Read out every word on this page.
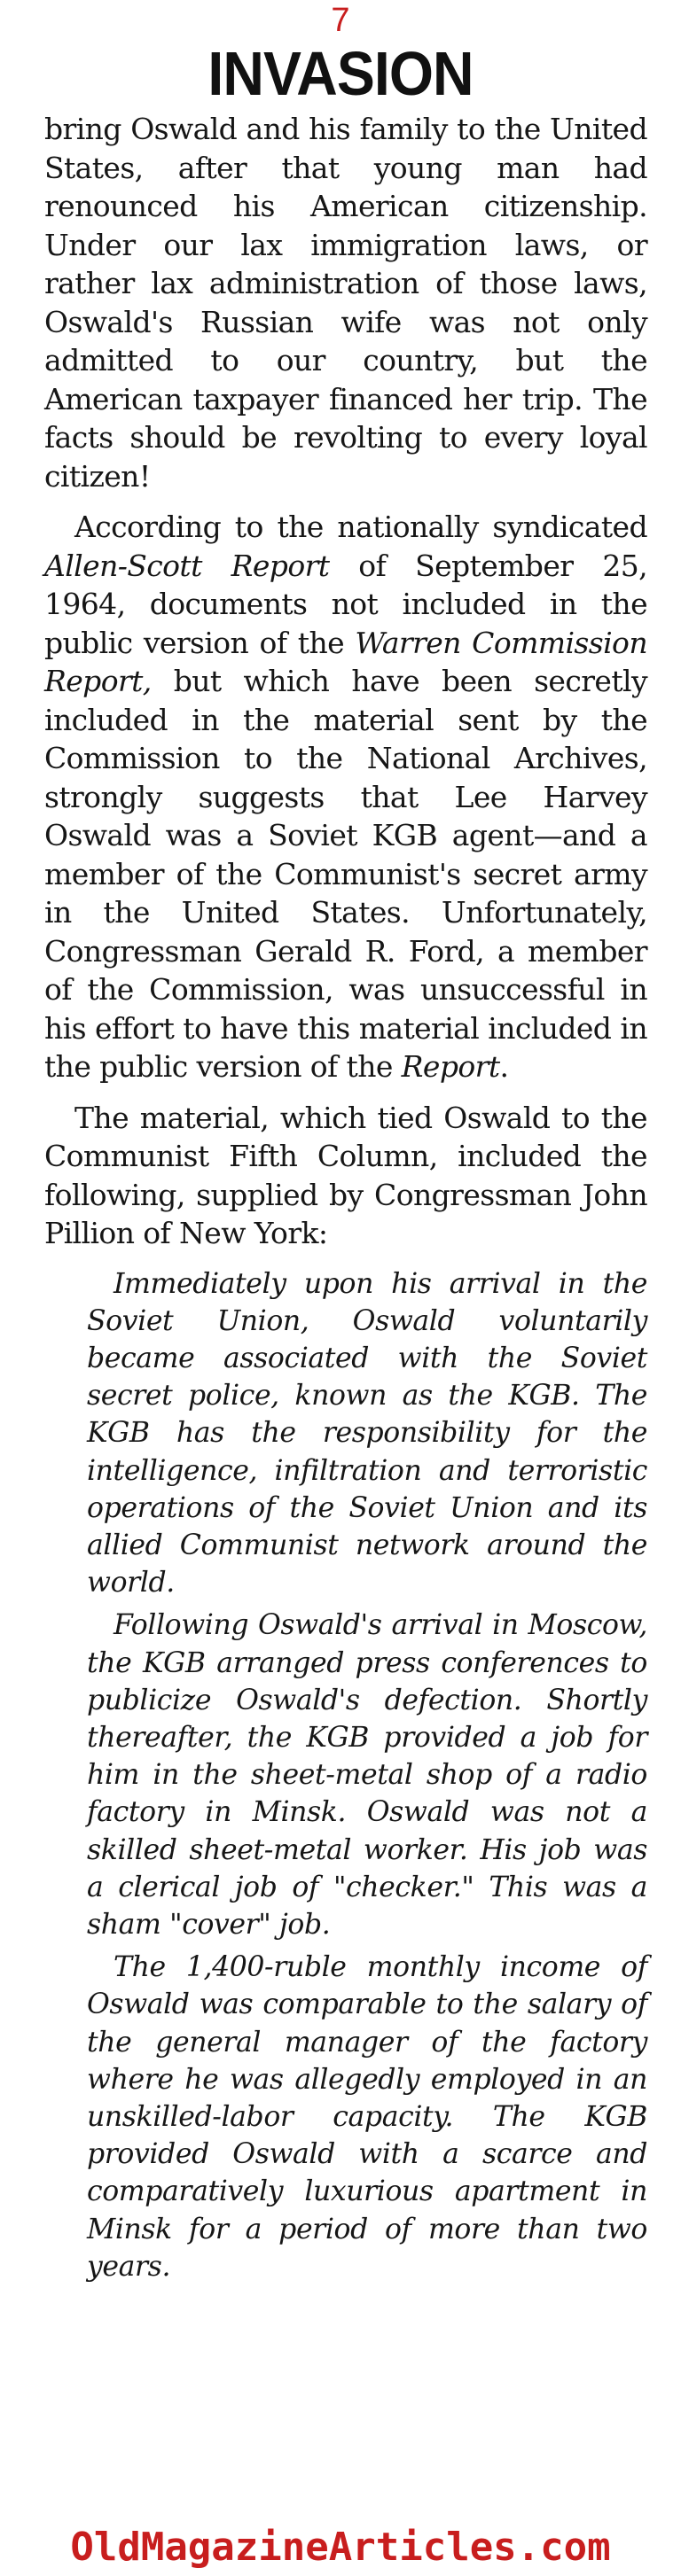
7
INVASION

bring Oswald and his family to the United States, after that young man had renounced his American citizenship. Under our lax immigration laws, or rather lax administration of those laws, Oswald's Russian wife was not only admitted to our country, but the American taxpayer financed her trip. The facts should be revolting to every loyal citizen!

According to the nationally syndicated Allen-Scott Report of September 25, 1964, documents not included in the public version of the Warren Commission Report, but which have been secretly included in the material sent by the Commission to the National Archives, strongly suggests that Lee Harvey Oswald was a Soviet KGB agent—and a member of the Communist's secret army in the United States. Unfortunately, Congressman Gerald R. Ford, a member of the Commission, was unsuccessful in his effort to have this material included in the public version of the Report.

The material, which tied Oswald to the Communist Fifth Column, included the following, supplied by Congressman John Pillion of New York:

Immediately upon his arrival in the Soviet Union, Oswald voluntarily became associated with the Soviet secret police, known as the KGB. The KGB has the responsibility for the intelligence, infiltration and terroristic operations of the Soviet Union and its allied Communist network around the world.

Following Oswald's arrival in Moscow, the KGB arranged press conferences to publicize Oswald's defection. Shortly thereafter, the KGB provided a job for him in the sheet-metal shop of a radio factory in Minsk. Oswald was not a skilled sheet-metal worker. His job was a clerical job of "checker." This was a sham "cover" job.

The 1,400-ruble monthly income of Oswald was comparable to the salary of the general manager of the factory where he was allegedly employed in an unskilled-labor capacity. The KGB provided Oswald with a scarce and comparatively luxurious apartment in Minsk for a period of more than two years.

OldMagazineArticles.com
